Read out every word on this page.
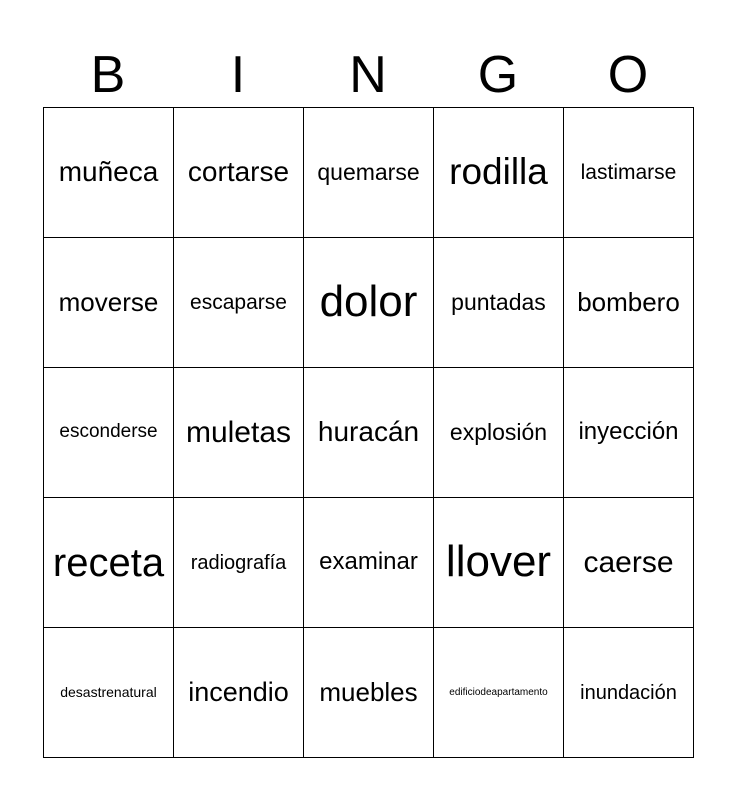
B	I	N	G	O
muñeca cortarse quemarse rodilla lastimarse
moverse escaparse dolor puntadas bombero
esconderse muletas huracán explosión inyección
receta radiografía examinar llover caerse
desastrenatural incendio muebles	edificiodeapartamento inundación
